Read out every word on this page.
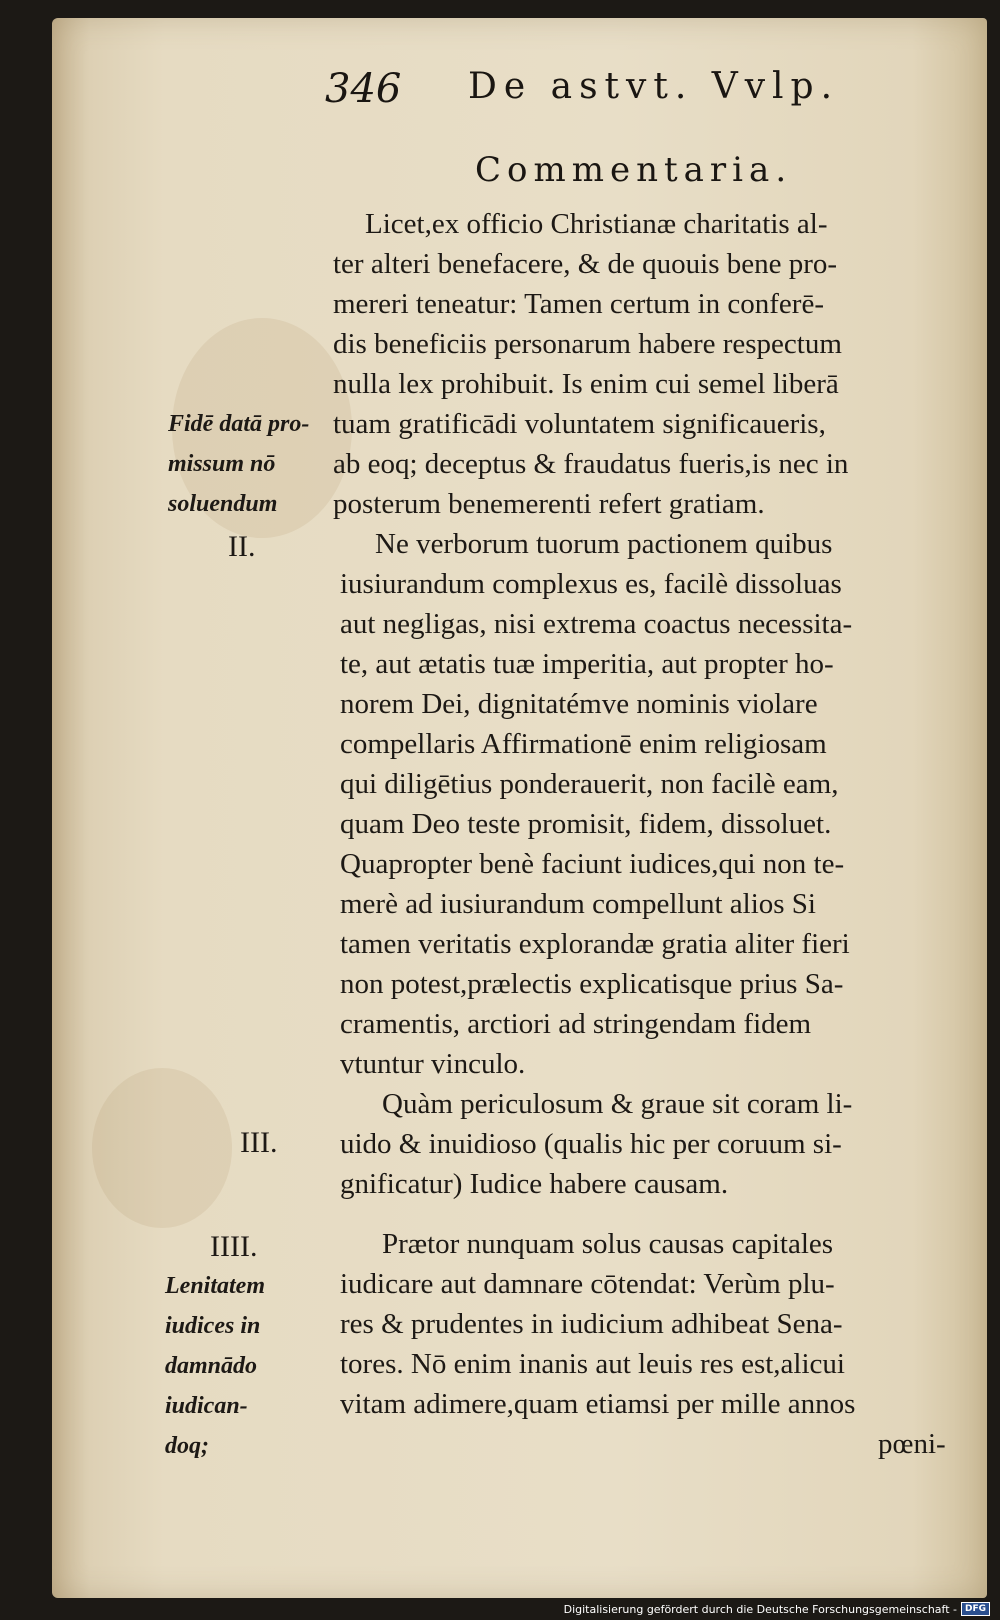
346 De astvt. Vvlp.
Commentaria.
Licet,ex officio Christianæ charitatis al-
ter alteri benefacere, & de quouis bene pro-
mereri teneatur: Tamen certum in conferē-
dis beneficiis personarum habere respectum
nulla lex prohibuit. Is enim cui semel liberā
tuam gratificādi voluntatem significaueris,
ab eoq; deceptus & fraudatus fueris,is nec in
posterum benemerenti refert gratiam.
Ne verborum tuorum pactionem quibus
iusiurandum complexus es, facilè dissoluas
aut negligas, nisi extrema coactus necessita-
te, aut ætatis tuæ imperitia, aut propter ho-
norem Dei, dignitatémve nominis violare
compellaris Affirmationē enim religiosam
qui diligētius ponderauerit, non facilè eam,
quam Deo teste promisit, fidem, dissoluet.
Quapropter benè faciunt iudices,qui non te-
merè ad iusiurandum compellunt alios Si
tamen veritatis explorandæ gratia aliter fieri
non potest,prælectis explicatisque prius Sa-
cramentis, arctiori ad stringendam fidem
vtuntur vinculo.
Quàm periculosum & graue sit coram li-
uido & inuidioso (qualis hic per coruum si-
gnificatur) Iudice habere causam.
Prætor nunquam solus causas capitales
iudicare aut damnare cōtendat: Verùm plu-
res & prudentes in iudicium adhibeat Sena-
tores. Nō enim inanis aut leuis res est,alicui
vitam adimere,quam etiamsi per mille annos
pœni-
Fidē datā pro-
missum nō
soluendum
II.
III.
IIII.
Lenitatem
iudices in
damnādo
iudican-
doq;
Digitalisierung gefördert durch die Deutsche Forschungsgemeinschaft - DFG
